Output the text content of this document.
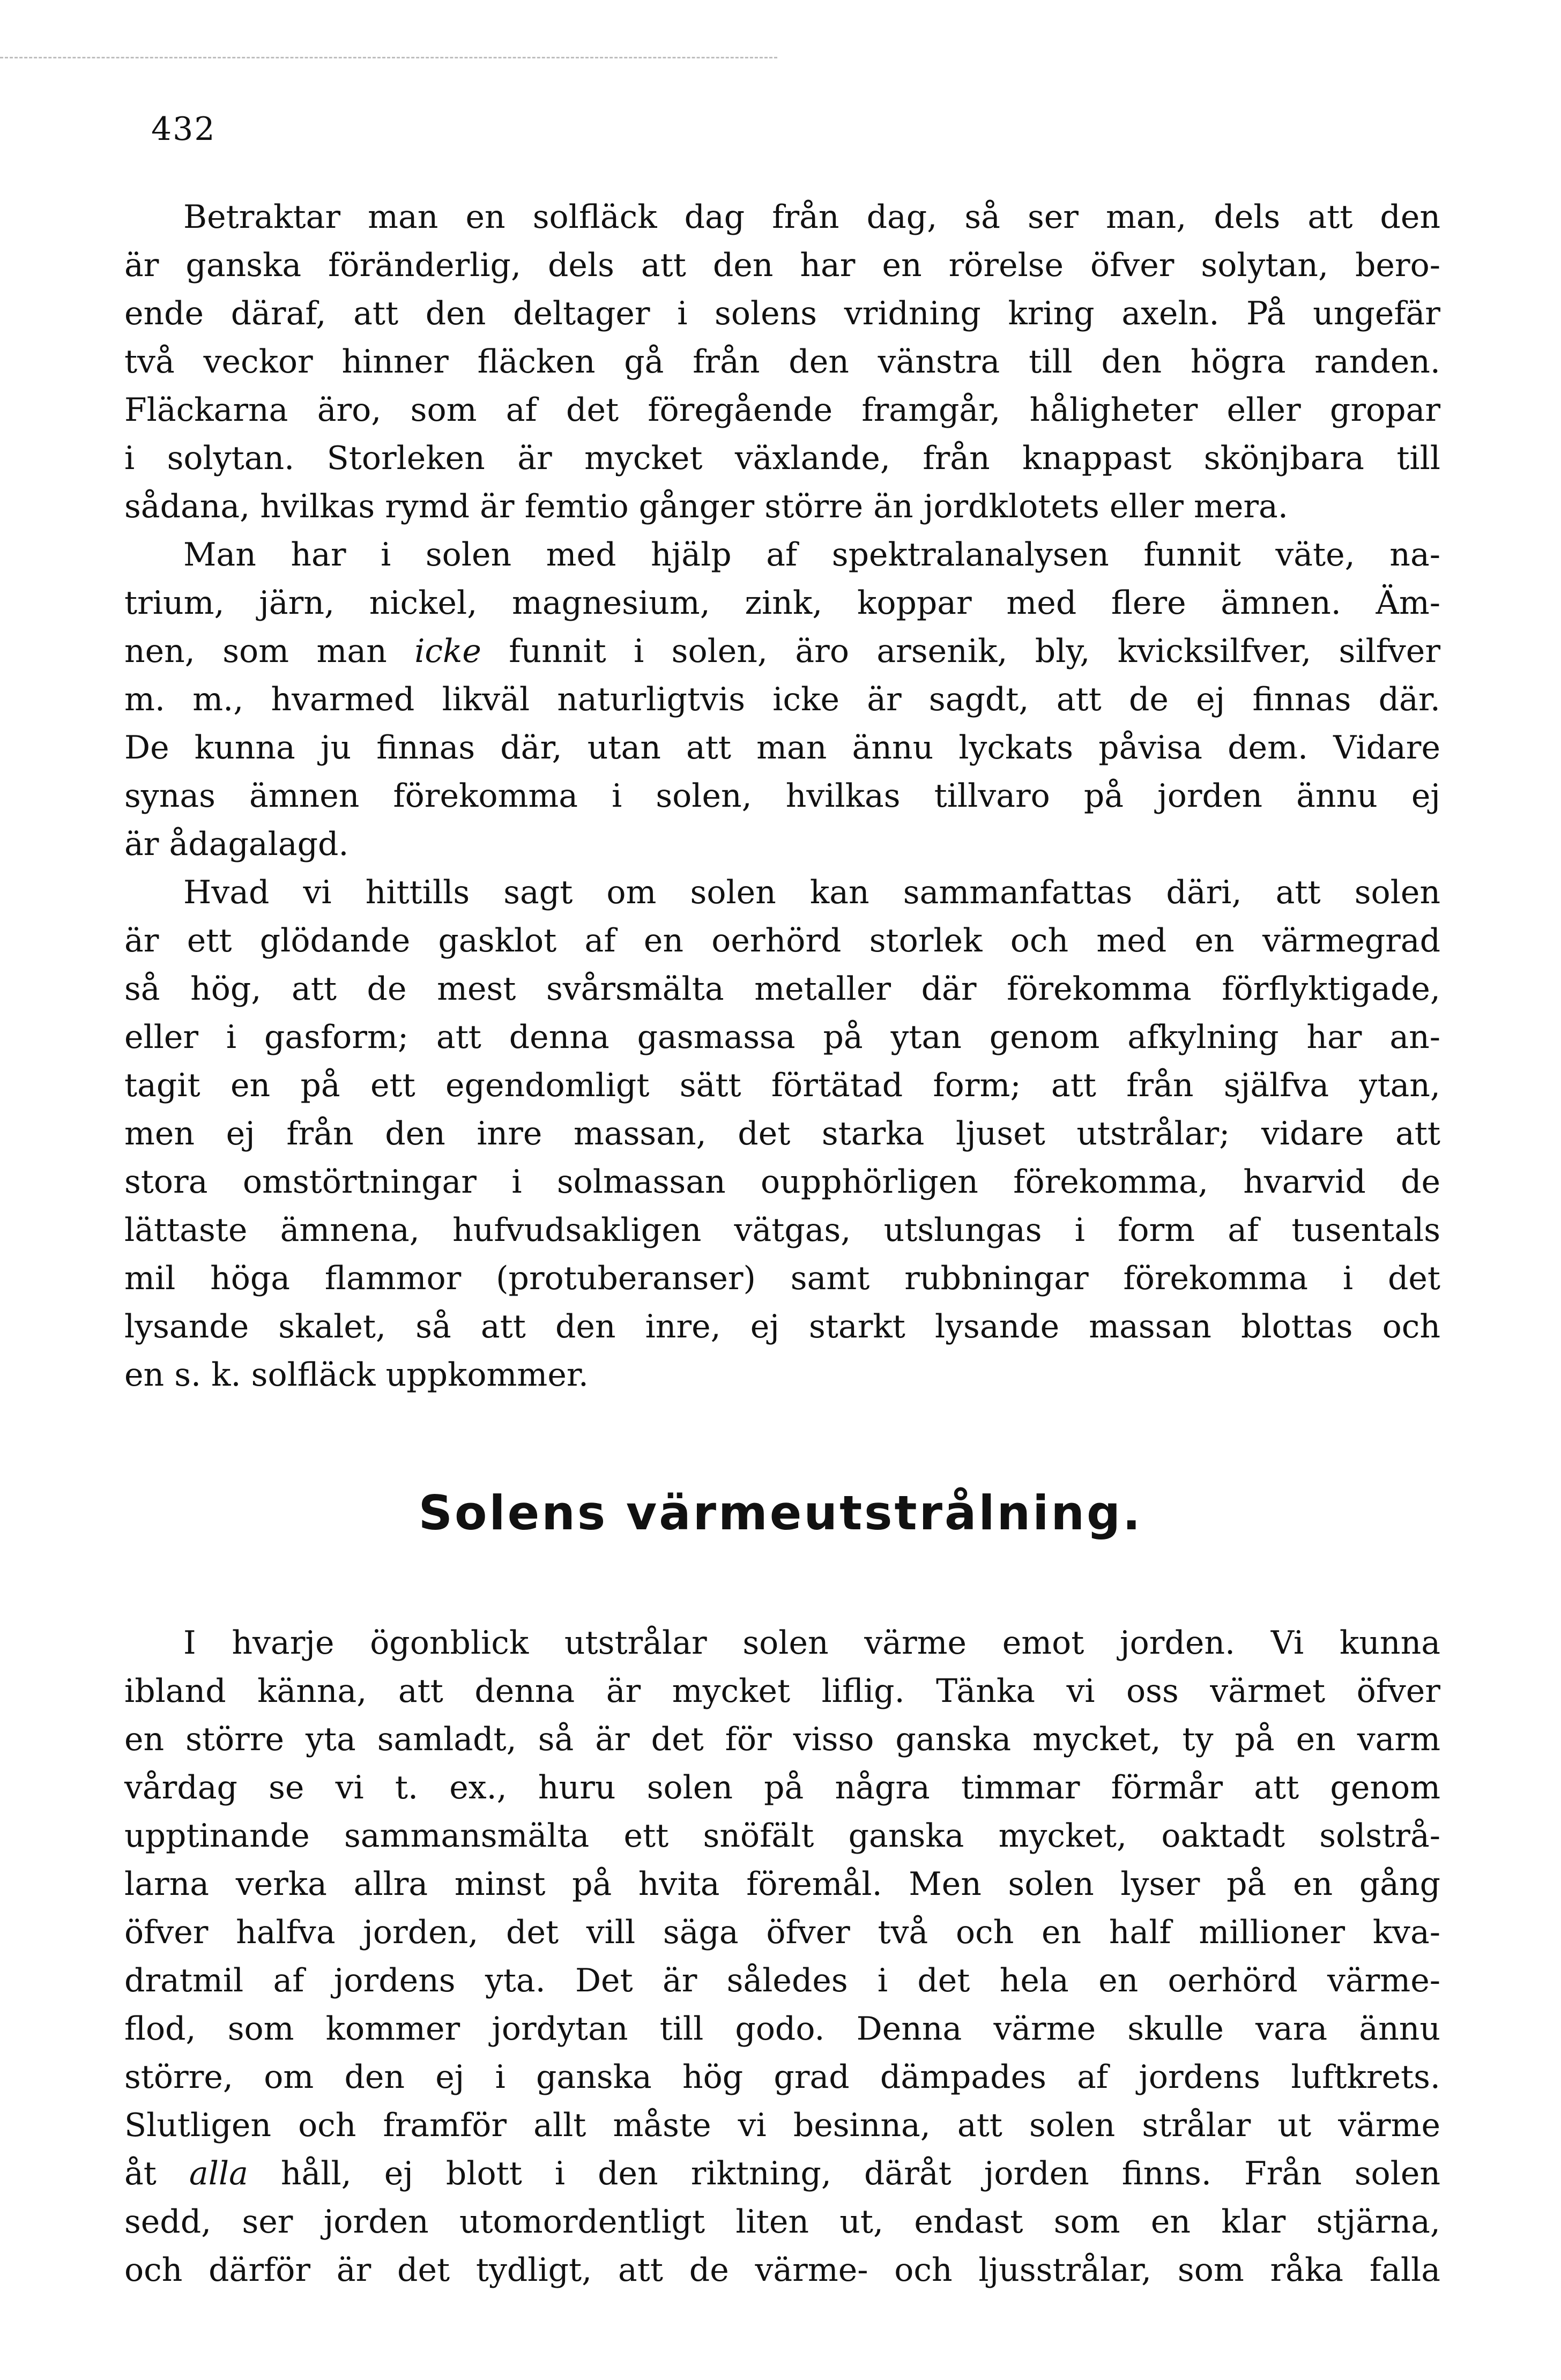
432
Betraktar man en solfläck dag från dag, så ser man, dels att den
är ganska föränderlig, dels att den har en rörelse öfver solytan, bero-
ende däraf, att den deltager i solens vridning kring axeln. På ungefär
två veckor hinner fläcken gå från den vänstra till den högra randen.
Fläckarna äro, som af det föregående framgår, håligheter eller gropar
i solytan. Storleken är mycket växlande, från knappast skönjbara till
sådana, hvilkas rymd är femtio gånger större än jordklotets eller mera.
Man har i solen med hjälp af spektralanalysen funnit väte, na-
trium, järn, nickel, magnesium, zink, koppar med flere ämnen. Äm-
nen, som man icke funnit i solen, äro arsenik, bly, kvicksilfver, silfver
m. m., hvarmed likväl naturligtvis icke är sagdt, att de ej finnas där.
De kunna ju finnas där, utan att man ännu lyckats påvisa dem. Vidare
synas ämnen förekomma i solen, hvilkas tillvaro på jorden ännu ej
är ådagalagd.
Hvad vi hittills sagt om solen kan sammanfattas däri, att solen
är ett glödande gasklot af en oerhörd storlek och med en värmegrad
så hög, att de mest svårsmälta metaller där förekomma förflyktigade,
eller i gasform; att denna gasmassa på ytan genom afkylning har an-
tagit en på ett egendomligt sätt förtätad form; att från själfva ytan,
men ej från den inre massan, det starka ljuset utstrålar; vidare att
stora omstörtningar i solmassan oupphörligen förekomma, hvarvid de
lättaste ämnena, hufvudsakligen vätgas, utslungas i form af tusentals
mil höga flammor (protuberanser) samt rubbningar förekomma i det
lysande skalet, så att den inre, ej starkt lysande massan blottas och
en s. k. solfläck uppkommer.
Solens värmeutstrålning.
I hvarje ögonblick utstrålar solen värme emot jorden. Vi kunna
ibland känna, att denna är mycket liflig. Tänka vi oss värmet öfver
en större yta samladt, så är det för visso ganska mycket, ty på en varm
vårdag se vi t. ex., huru solen på några timmar förmår att genom
upptinande sammansmälta ett snöfält ganska mycket, oaktadt solstrå-
larna verka allra minst på hvita föremål. Men solen lyser på en gång
öfver halfva jorden, det vill säga öfver två och en half millioner kva-
dratmil af jordens yta. Det är således i det hela en oerhörd värme-
flod, som kommer jordytan till godo. Denna värme skulle vara ännu
större, om den ej i ganska hög grad dämpades af jordens luftkrets.
Slutligen och framför allt måste vi besinna, att solen strålar ut värme
åt alla håll, ej blott i den riktning, däråt jorden finns. Från solen
sedd, ser jorden utomordentligt liten ut, endast som en klar stjärna,
och därför är det tydligt, att de värme- och ljusstrålar, som råka falla
